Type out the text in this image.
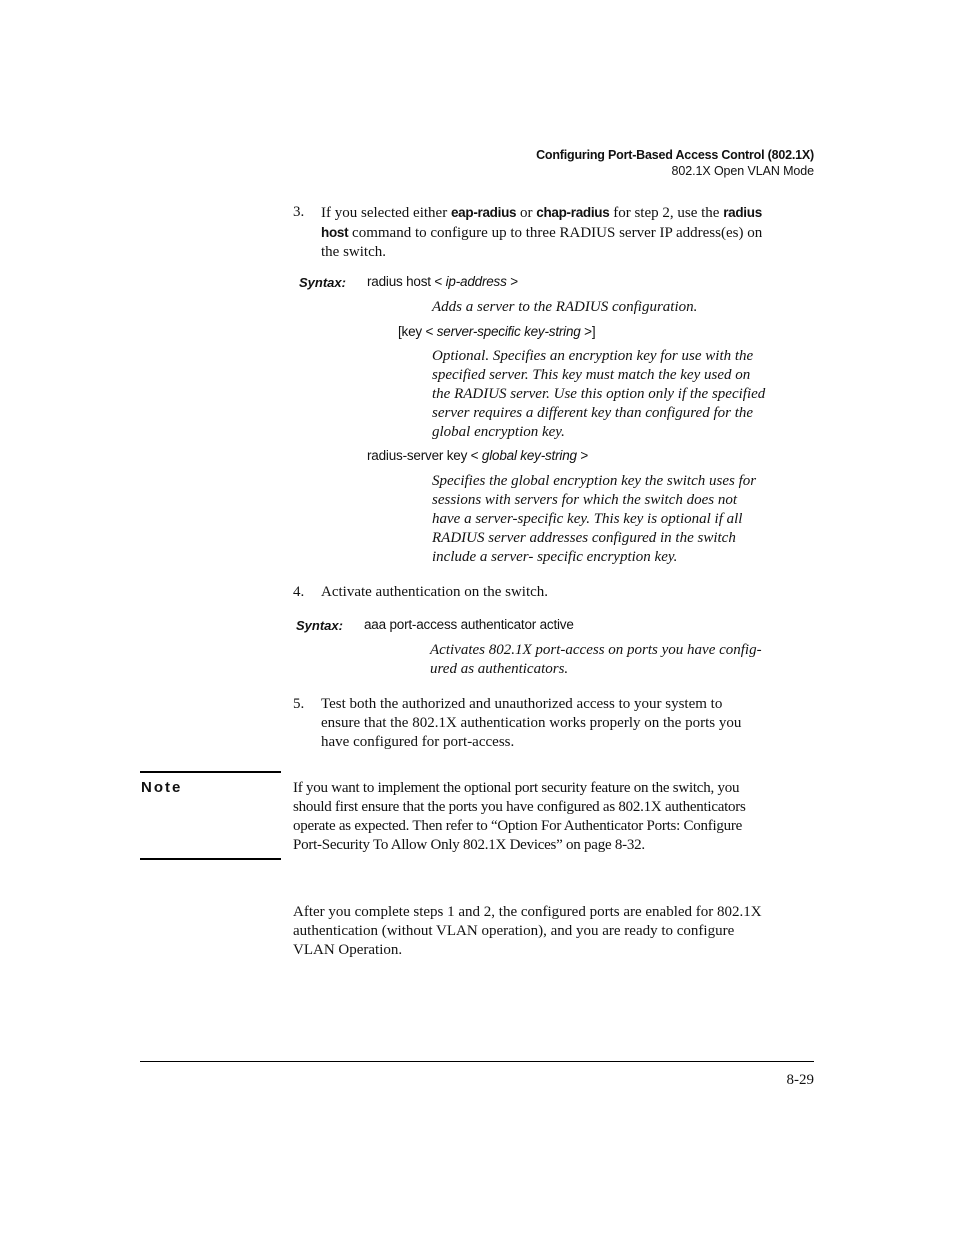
Configuring Port-Based Access Control (802.1X)
802.1X Open VLAN Mode
3. If you selected either eap-radius or chap-radius for step 2, use the radius
host command to configure up to three RADIUS server IP address(es) on
the switch.
Syntax: radius host < ip-address >
Adds a server to the RADIUS configuration.
[key < server-specific key-string >]
Optional. Specifies an encryption key for use with the
specified server. This key must match the key used on
the RADIUS server. Use this option only if the specified
server requires a different key than configured for the
global encryption key.
radius-server key < global key-string >
Specifies the global encryption key the switch uses for
sessions with servers for which the switch does not
have a server-specific key. This key is optional if all
RADIUS server addresses configured in the switch
include a server- specific encryption key.
4. Activate authentication on the switch.
Syntax: aaa port-access authenticator active
Activates 802.1X port-access on ports you have config-
ured as authenticators.
5. Test both the authorized and unauthorized access to your system to
ensure that the 802.1X authentication works properly on the ports you
have configured for port-access.
Note	If you want to implement the optional port security feature on the switch, you
should first ensure that the ports you have configured as 802.1X authenticators
operate as expected. Then refer to “Option For Authenticator Ports: Configure
Port-Security To Allow Only 802.1X Devices” on page 8-32.
After you complete steps 1 and 2, the configured ports are enabled for 802.1X
authentication (without VLAN operation), and you are ready to configure
VLAN Operation.
8-29
